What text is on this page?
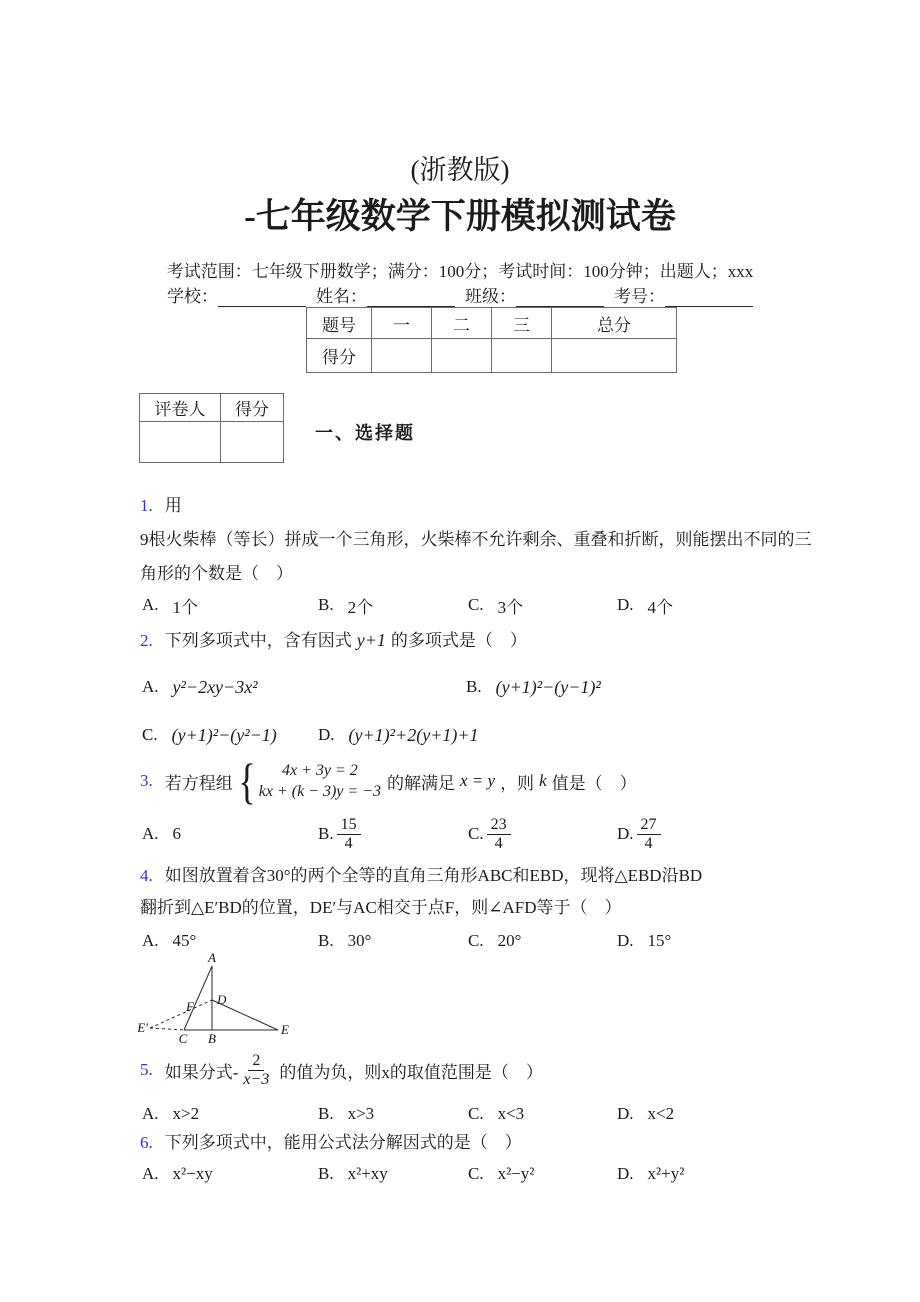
(浙教版)
-七年级数学下册模拟测试卷
考试范围：七年级下册数学；满分：100分；考试时间：100分钟；出题人；xxx
学校：	姓名：	班级：	考号：
题号	一	二	三	总分
得分				
评卷人	得分

一、选择题
1. 用
9根火柴棒（等长）拼成一个三角形，火柴棒不允许剩余、重叠和折断，则能摆出不同的三
角形的个数是（　）
A. 1个	B. 2个	C. 3个	D. 4个
2. 下列多项式中，含有因式 y+1 的多项式是（　）
A. y²−2xy−3x²	B. (y+1)²−(y−1)²
C. (y+1)²−(y²−1) D. (y+1)²+2(y+1)+1
3. 若方程组 {	4x + 3y = 2
kx + (k − 3)y = −3 的解满足 x = y ，则 k 值是（　）
A. 6	B. $\frac{15}{4}$	C. $\frac{23}{4}$	D. $\frac{27}{4}$
4. 如图放置着含30°的两个全等的直角三角形ABC和EBD，现将△EBD沿BD
翻折到△E′BD的位置，DE′与AC相交于点F，则∠AFD等于（　）
A. 45°	B. 30°	C. 20°	D. 15°
A
D
F
E′
C B
E
5. 如果分式- $\frac{2}{x-3}$ 的值为负，则x的取值范围是（　）
A. x>2	B. x>3	C. x<3	D. x<2
6. 下列多项式中，能用公式法分解因式的是（　）
A. x²−xy	B. x²+xy	C. x²−y²	D. x²+y²
